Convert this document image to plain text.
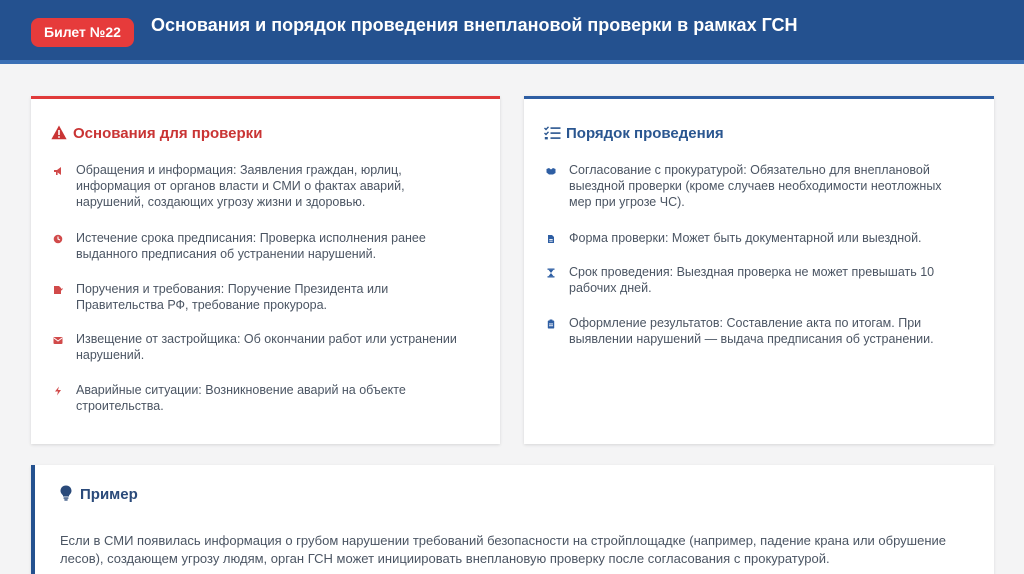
Билет №22	Основания и порядок проведения внеплановой проверки в рамках ГСН
Основания для проверки
Обращения и информация: Заявления граждан, юрлиц, информация от органов власти и СМИ о фактах аварий, нарушений, создающих угрозу жизни и здоровью.
Истечение срока предписания: Проверка исполнения ранее выданного предписания об устранении нарушений.
Поручения и требования: Поручение Президента или Правительства РФ, требование прокурора.
Извещение от застройщика: Об окончании работ или устранении нарушений.
Аварийные ситуации: Возникновение аварий на объекте строительства.
Порядок проведения
Согласование с прокуратурой: Обязательно для внеплановой выездной проверки (кроме случаев необходимости неотложных мер при угрозе ЧС).
Форма проверки: Может быть документарной или выездной.
Срок проведения: Выездная проверка не может превышать 10 рабочих дней.
Оформление результатов: Составление акта по итогам. При выявлении нарушений — выдача предписания об устранении.
Пример
Если в СМИ появилась информация о грубом нарушении требований безопасности на стройплощадке (например, падение крана или обрушение лесов), создающем угрозу людям, орган ГСН может инициировать внеплановую проверку после согласования с прокуратурой.
